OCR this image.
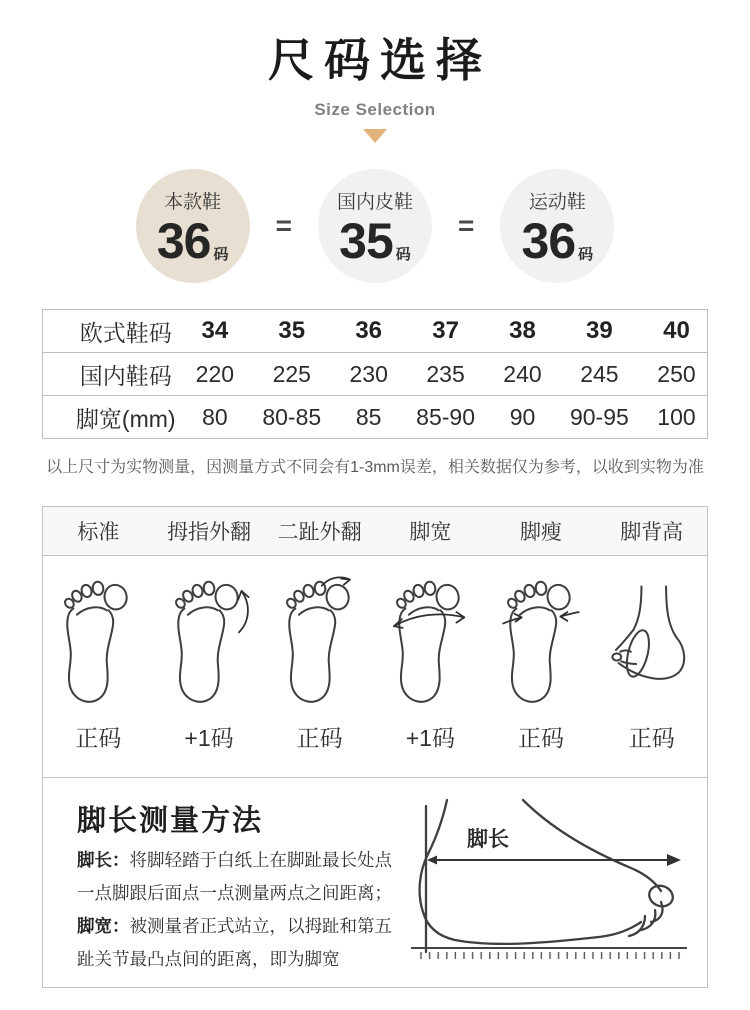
尺码选择
Size Selection
本款鞋
36 码
=
国内皮鞋
35 码
=
运动鞋
36 码
欧式鞋码	34	35	36	37	38	39	40
国内鞋码	220	225	230	235	240	245	250
脚宽(mm)	80	80-85	85	85-90	90	90-95	100

以上尺寸为实物测量，因测量方式不同会有1-3mm误差，相关数据仅为参考，以收到实物为准

标准	拇指外翻	二趾外翻	脚宽	脚瘦	脚背高
正码	+1码	正码	+1码	正码	正码
脚长测量方法
脚长：将脚轻踏于白纸上在脚趾最长处点一点脚跟后面点一点测量两点之间距离；脚宽：被测量者正式站立，以拇趾和第五趾关节最凸点间的距离，即为脚宽
脚长
